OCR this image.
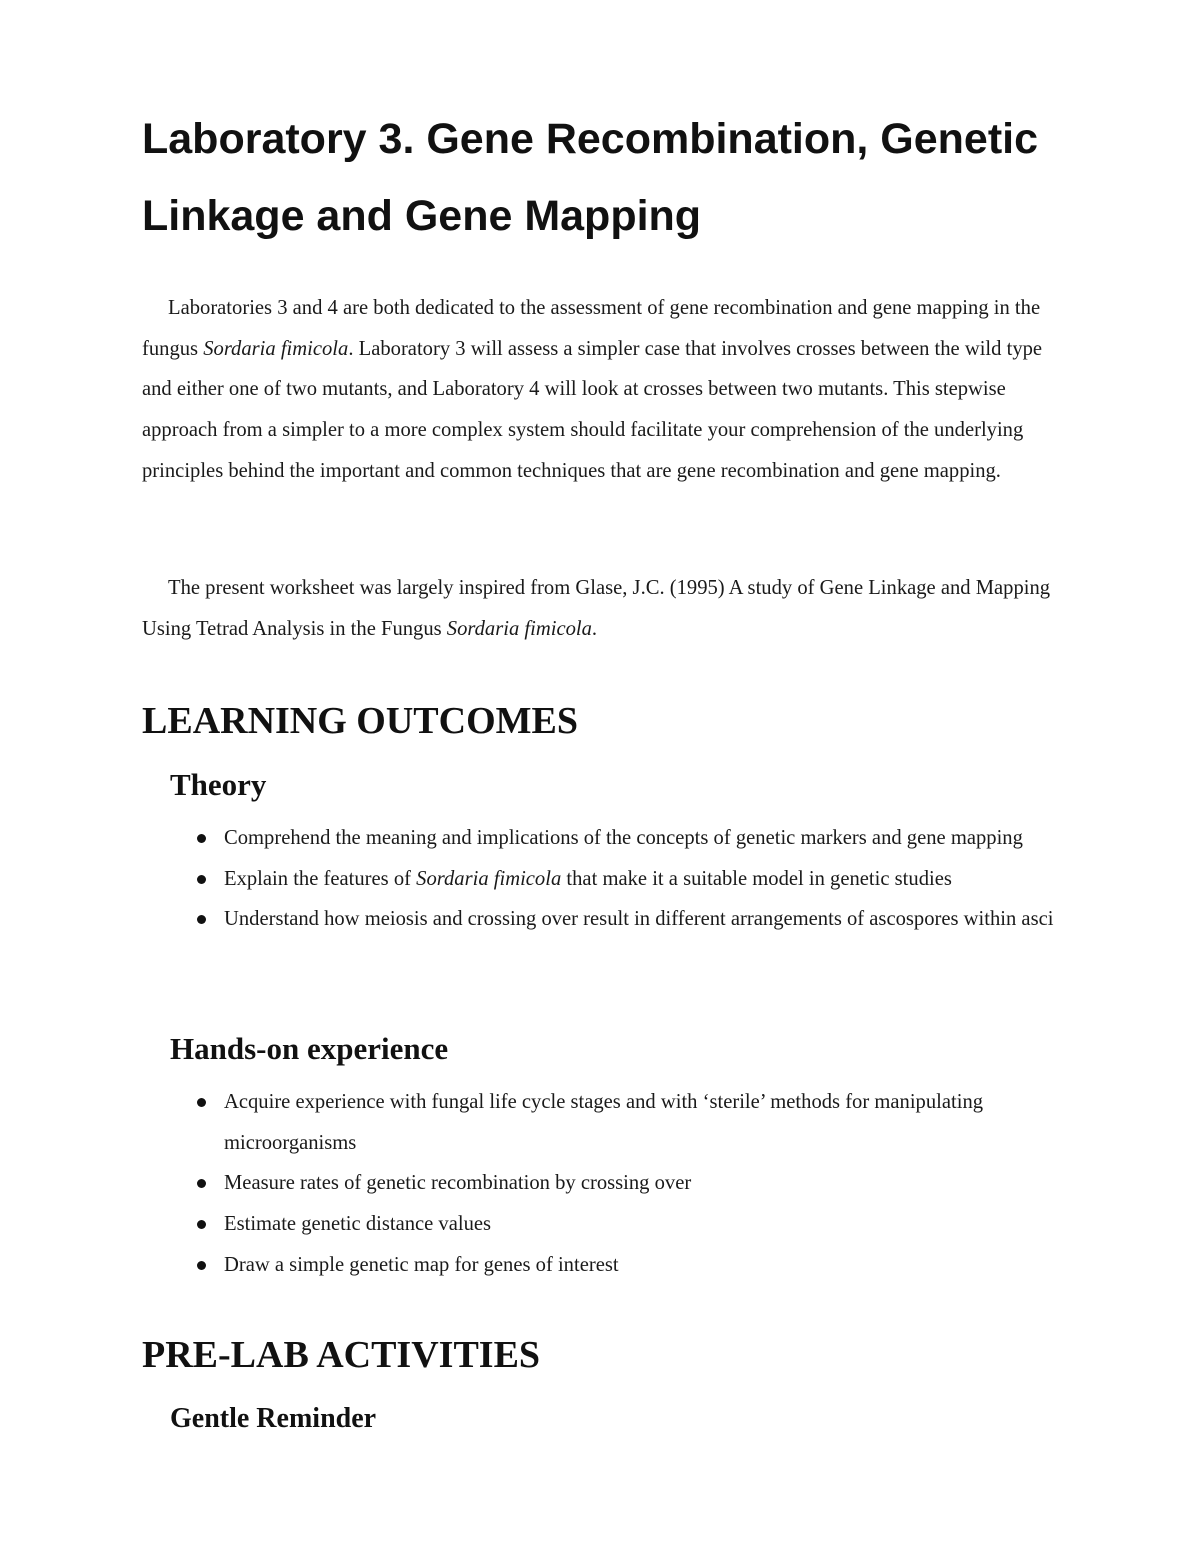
Laboratory 3. Gene Recombination, Genetic Linkage and Gene Mapping

Laboratories 3 and 4 are both dedicated to the assessment of gene recombination and gene mapping in the fungus Sordaria fimicola. Laboratory 3 will assess a simpler case that involves crosses between the wild type and either one of two mutants, and Laboratory 4 will look at crosses between two mutants. This stepwise approach from a simpler to a more complex system should facilitate your comprehension of the underlying principles behind the important and common techniques that are gene recombination and gene mapping.

The present worksheet was largely inspired from Glase, J.C. (1995) A study of Gene Linkage and Mapping Using Tetrad Analysis in the Fungus Sordaria fimicola.

LEARNING OUTCOMES
Theory
Comprehend the meaning and implications of the concepts of genetic markers and gene mapping
Explain the features of Sordaria fimicola that make it a suitable model in genetic studies
Understand how meiosis and crossing over result in different arrangements of ascospores within asci
Hands-on experience
Acquire experience with fungal life cycle stages and with ‘sterile’ methods for manipulating microorganisms
Measure rates of genetic recombination by crossing over
Estimate genetic distance values
Draw a simple genetic map for genes of interest
PRE-LAB ACTIVITIES
Gentle Reminder
